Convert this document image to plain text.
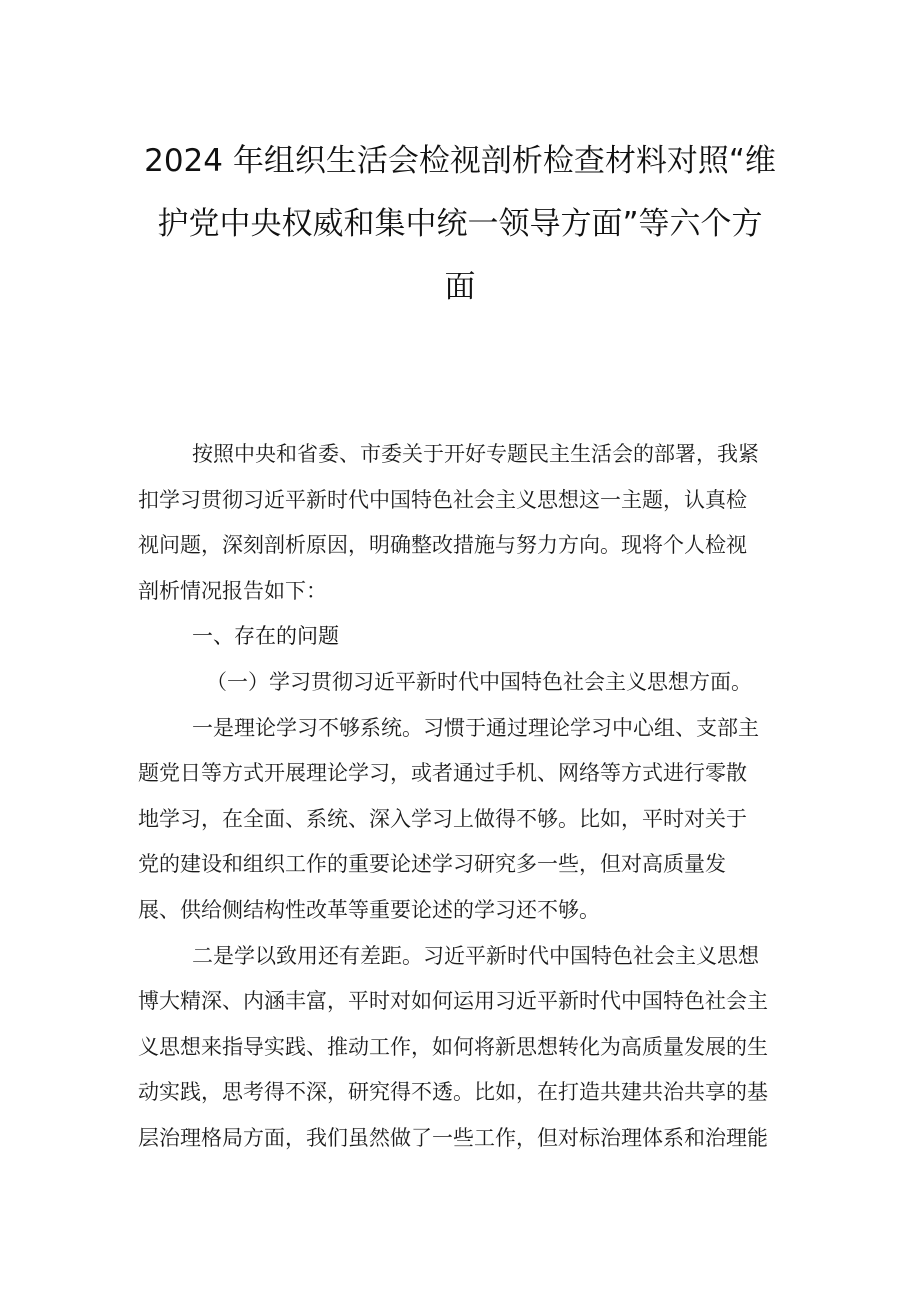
2024 年组织生活会检视剖析检查材料对照“维
护党中央权威和集中统一领导方面”等六个方
面
按照中央和省委、市委关于开好专题民主生活会的部署，我紧
扣学习贯彻习近平新时代中国特色社会主义思想这一主题，认真检
视问题，深刻剖析原因，明确整改措施与努力方向。现将个人检视
剖析情况报告如下：
一、存在的问题
（一）学习贯彻习近平新时代中国特色社会主义思想方面。
一是理论学习不够系统。习惯于通过理论学习中心组、支部主
题党日等方式开展理论学习，或者通过手机、网络等方式进行零散
地学习，在全面、系统、深入学习上做得不够。比如，平时对关于
党的建设和组织工作的重要论述学习研究多一些，但对高质量发
展、供给侧结构性改革等重要论述的学习还不够。
二是学以致用还有差距。习近平新时代中国特色社会主义思想
博大精深、内涵丰富，平时对如何运用习近平新时代中国特色社会主
义思想来指导实践、推动工作，如何将新思想转化为高质量发展的生
动实践，思考得不深，研究得不透。比如，在打造共建共治共享的基
层治理格局方面，我们虽然做了一些工作，但对标治理体系和治理能
